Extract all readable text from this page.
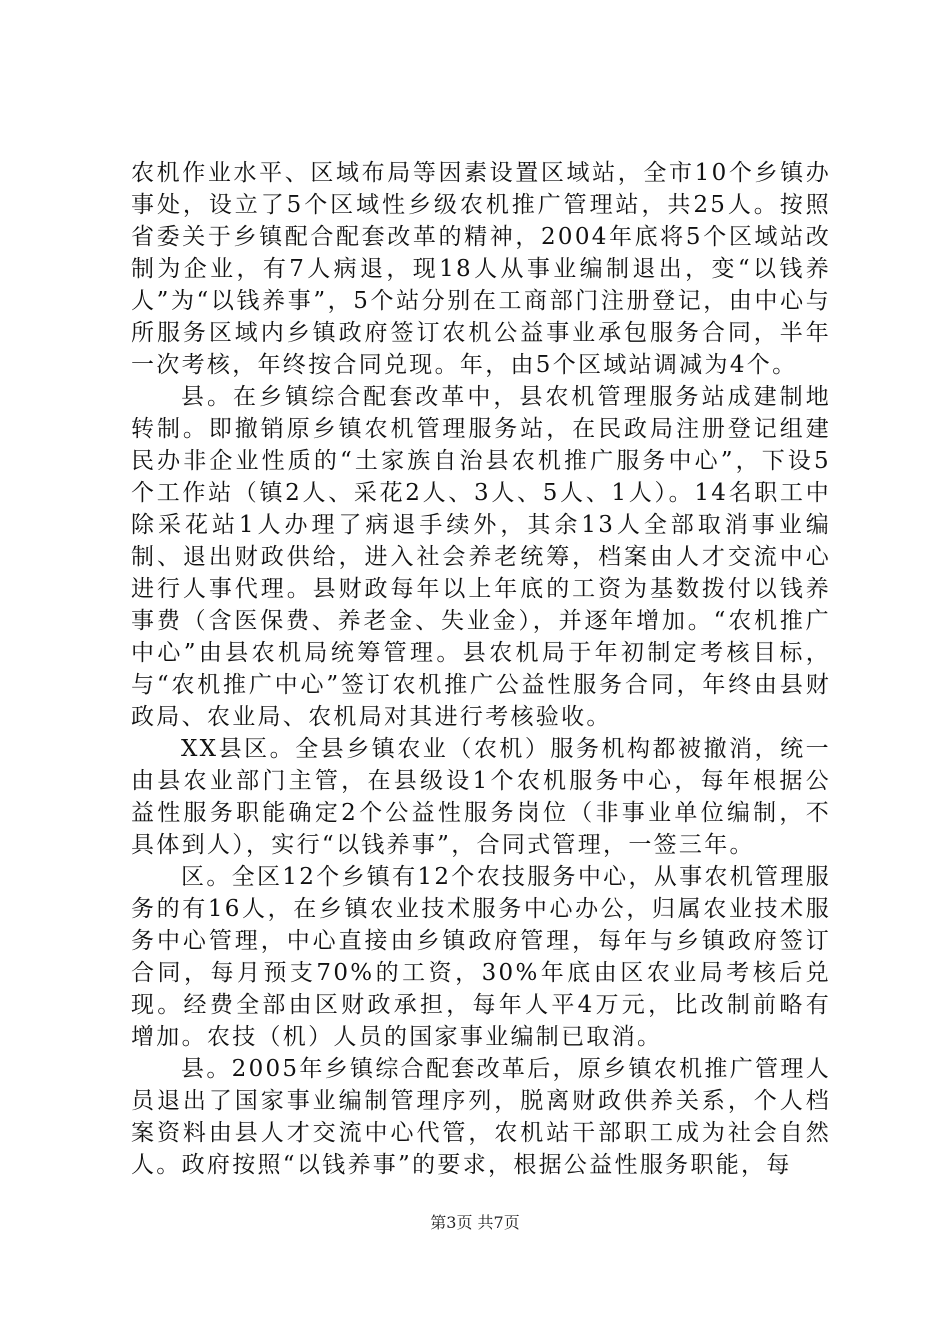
农机作业水平、区域布局等因素设置区域站，全市10个乡镇办事处，设立了5个区域性乡级农机推广管理站，共25人。按照省委关于乡镇配合配套改革的精神，2004年底将5个区域站改制为企业，有7人病退，现18人从事业编制退出，变“以钱养人”为“以钱养事”，5个站分别在工商部门注册登记，由中心与所服务区域内乡镇政府签订农机公益事业承包服务合同，半年一次考核，年终按合同兑现。年，由5个区域站调减为4个。

县。在乡镇综合配套改革中，县农机管理服务站成建制地转制。即撤销原乡镇农机管理服务站，在民政局注册登记组建民办非企业性质的“土家族自治县农机推广服务中心”，下设5个工作站（镇2人、采花2人、3人、5人、1人）。14名职工中除采花站1人办理了病退手续外，其余13人全部取消事业编制、退出财政供给，进入社会养老统筹，档案由人才交流中心进行人事代理。县财政每年以上年底的工资为基数拨付以钱养事费（含医保费、养老金、失业金），并逐年增加。“农机推广中心”由县农机局统筹管理。县农机局于年初制定考核目标，与“农机推广中心”签订农机推广公益性服务合同，年终由县财政局、农业局、农机局对其进行考核验收。

XX县区。全县乡镇农业（农机）服务机构都被撤消，统一由县农业部门主管，在县级设1个农机服务中心，每年根据公益性服务职能确定2个公益性服务岗位（非事业单位编制，不具体到人），实行“以钱养事”，合同式管理，一签三年。

区。全区12个乡镇有12个农技服务中心，从事农机管理服务的有16人，在乡镇农业技术服务中心办公，归属农业技术服务中心管理，中心直接由乡镇政府管理，每年与乡镇政府签订合同，每月预支70%的工资，30%年底由区农业局考核后兑现。经费全部由区财政承担，每年人平4万元，比改制前略有增加。农技（机）人员的国家事业编制已取消。

县。2005年乡镇综合配套改革后，原乡镇农机推广管理人员退出了国家事业编制管理序列，脱离财政供养关系，个人档案资料由县人才交流中心代管，农机站干部职工成为社会自然人。政府按照“以钱养事”的要求，根据公益性服务职能，每

第3页 共7页
